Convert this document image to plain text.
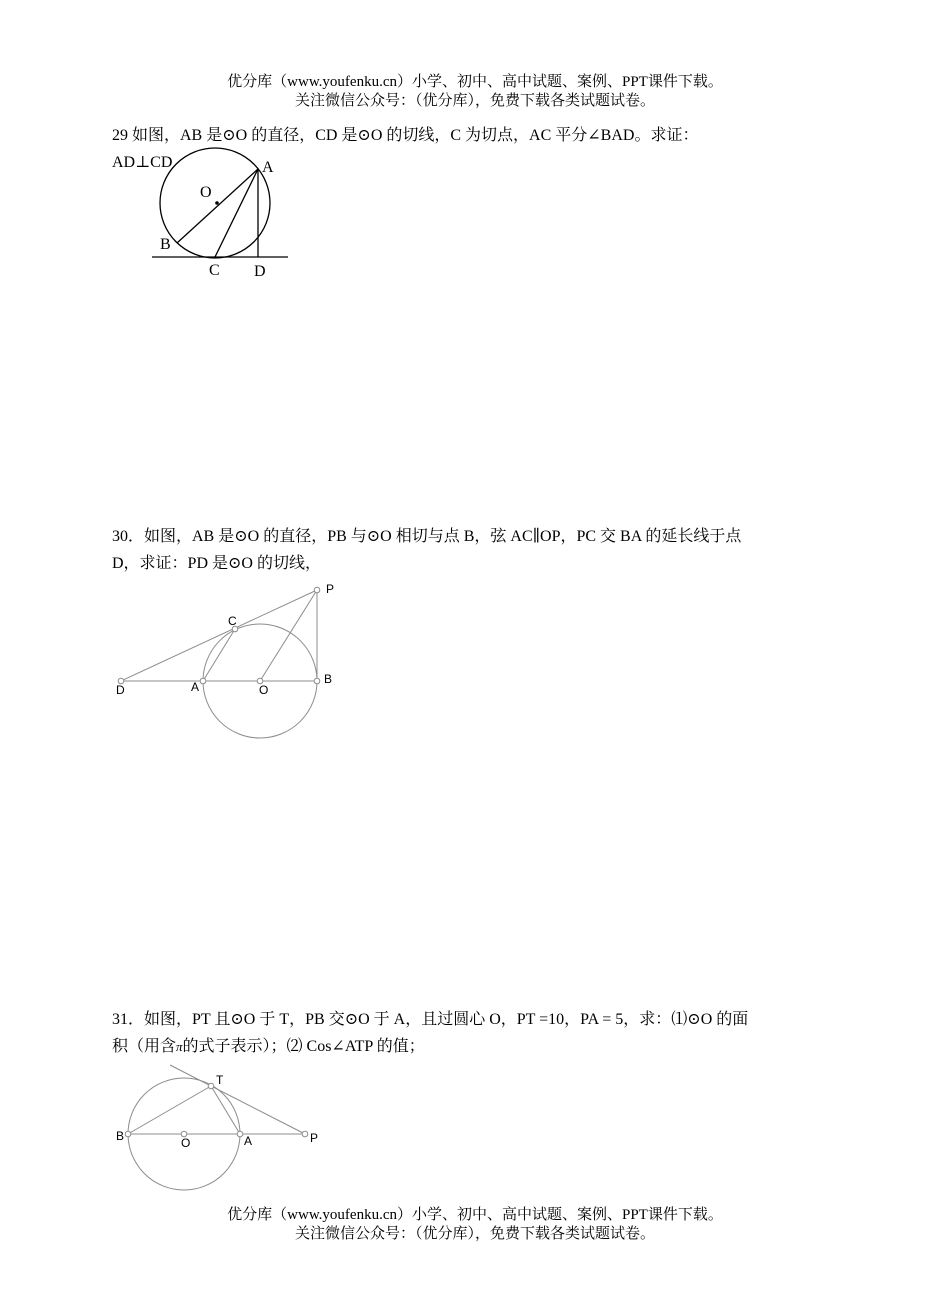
优分库（www.youfenku.cn）小学、初中、高中试题、案例、PPT课件下载。
关注微信公众号：（优分库），免费下载各类试题试卷。
29 如图，AB 是⊙O 的直径，CD 是⊙O 的切线，C 为切点，AC 平分∠BAD。求证：
AD⊥CD
O
A
B
C D
30．如图，AB 是⊙O 的直径，PB 与⊙O 相切与点 B，弦 AC∥OP，PC 交 BA 的延长线于点
D，求证：PD 是⊙O 的切线，
P
C
D	A	O
B
31．如图，PT 且⊙O 于 T，PB 交⊙O 于 A，且过圆心 O，PT =10，PA = 5，求：⑴⊙O 的面
积（用含π的式子表示）；⑵ Cos∠ATP 的值；
T
B	O	A	P
优分库（www.youfenku.cn）小学、初中、高中试题、案例、PPT课件下载。
关注微信公众号：（优分库），免费下载各类试题试卷。
